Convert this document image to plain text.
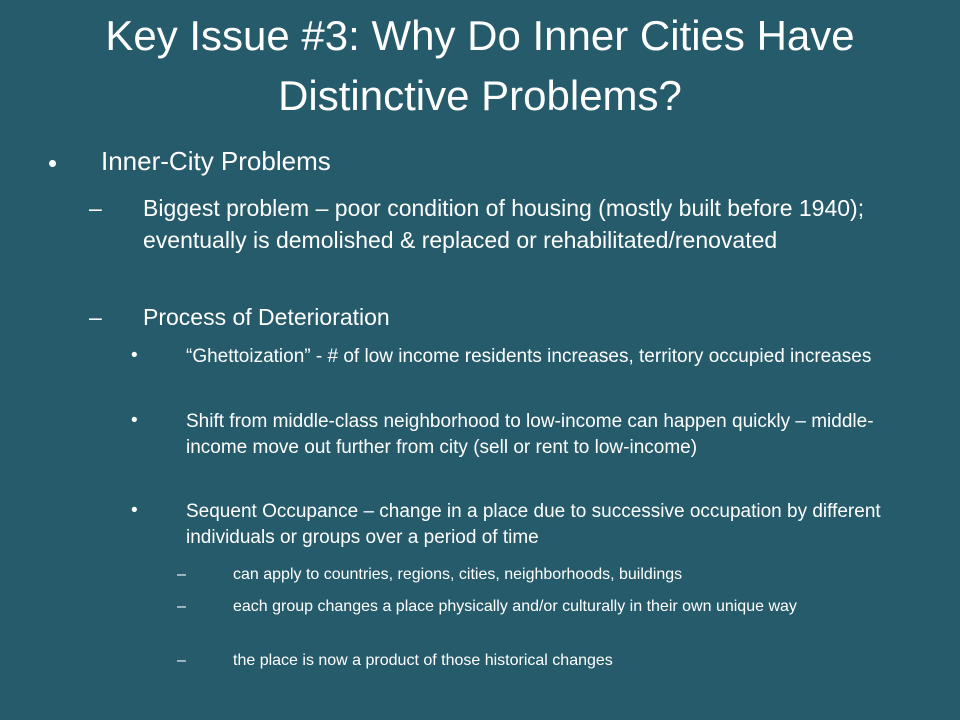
Key Issue #3: Why Do Inner Cities Have
Distinctive Problems?
• Inner-City Problems
– Biggest problem – poor condition of housing (mostly built before 1940); eventually is demolished & replaced or rehabilitated/renovated
– Process of Deterioration
•	“Ghettoization” - # of low income residents increases, territory occupied increases
•	Shift from middle-class neighborhood to low-income can happen quickly – middle-income move out further from city (sell or rent to low-income)
•	Sequent Occupance – change in a place due to successive occupation by different individuals or groups over a period of time
–	can apply to countries, regions, cities, neighborhoods, buildings
–	each group changes a place physically and/or culturally in their own unique way
–	the place is now a product of those historical changes
